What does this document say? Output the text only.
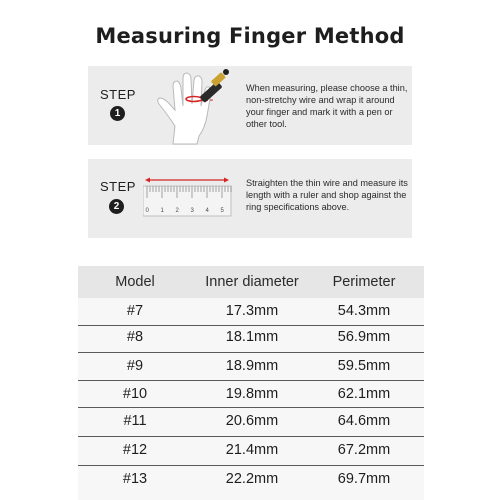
Measuring Finger Method
STEP
1
When measuring, please choose a thin, non-stretchy wire and wrap it around your finger and mark it with a pen or other tool.
STEP
2	0 1 2 3 4 5
Straighten the thin wire and measure its length with a ruler and shop against the ring specifications above.
Model	Inner diameter	Perimeter
#7	17.3mm	54.3mm
#8	18.1mm	56.9mm
#9	18.9mm	59.5mm
#10	19.8mm	62.1mm
#11	20.6mm	64.6mm
#12	21.4mm	67.2mm
#13	22.2mm	69.7mm
